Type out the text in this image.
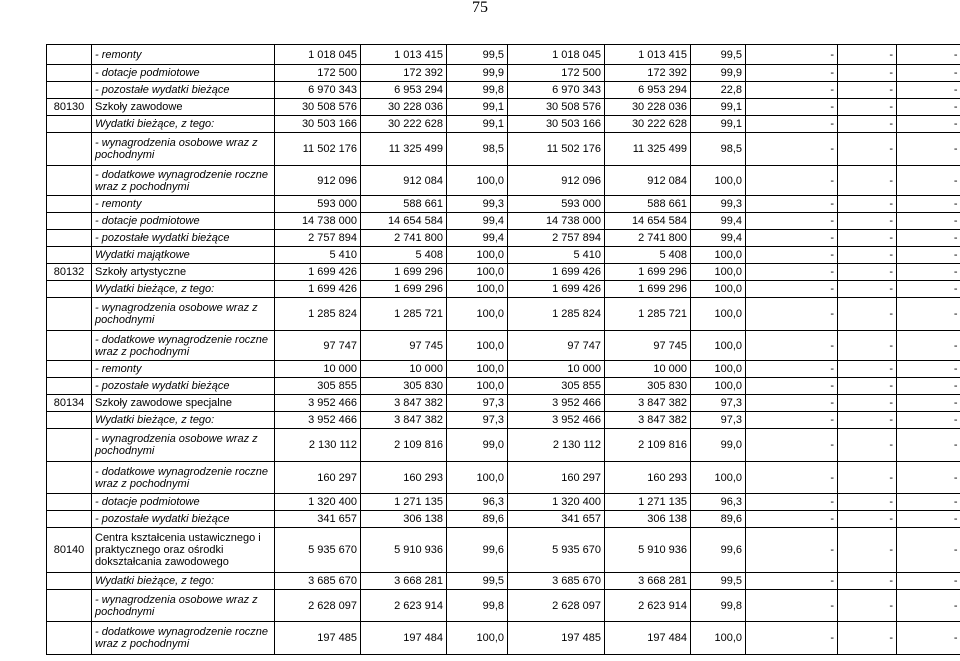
75
	- remonty	1 018 045	1 013 415	99,5	1 018 045	1 013 415	99,5	-	-	-
	- dotacje podmiotowe	172 500	172 392	99,9	172 500	172 392	99,9	-	-	-
	- pozostałe wydatki bieżące	6 970 343	6 953 294	99,8	6 970 343	6 953 294	22,8	-	-	-
80130	Szkoły zawodowe	30 508 576	30 228 036	99,1	30 508 576	30 228 036	99,1	-	-	-
	Wydatki bieżące, z tego:	30 503 166	30 222 628	99,1	30 503 166	30 222 628	99,1	-	-	-
	- wynagrodzenia osobowe wraz z pochodnymi	11 502 176	11 325 499	98,5	11 502 176	11 325 499	98,5	-	-	-
	- dodatkowe wynagrodzenie roczne wraz z pochodnymi	912 096	912 084	100,0	912 096	912 084	100,0	-	-	-
	- remonty	593 000	588 661	99,3	593 000	588 661	99,3	-	-	-
	- dotacje podmiotowe	14 738 000	14 654 584	99,4	14 738 000	14 654 584	99,4	-	-	-
	- pozostałe wydatki bieżące	2 757 894	2 741 800	99,4	2 757 894	2 741 800	99,4	-	-	-
	Wydatki majątkowe	5 410	5 408	100,0	5 410	5 408	100,0	-	-	-
80132	Szkoły artystyczne	1 699 426	1 699 296	100,0	1 699 426	1 699 296	100,0	-	-	-
	Wydatki bieżące, z tego:	1 699 426	1 699 296	100,0	1 699 426	1 699 296	100,0	-	-	-
	- wynagrodzenia osobowe wraz z pochodnymi	1 285 824	1 285 721	100,0	1 285 824	1 285 721	100,0	-	-	-
	- dodatkowe wynagrodzenie roczne wraz z pochodnymi	97 747	97 745	100,0	97 747	97 745	100,0	-	-	-
	- remonty	10 000	10 000	100,0	10 000	10 000	100,0	-	-	-
	- pozostałe wydatki bieżące	305 855	305 830	100,0	305 855	305 830	100,0	-	-	-
80134	Szkoły zawodowe specjalne	3 952 466	3 847 382	97,3	3 952 466	3 847 382	97,3	-	-	-
	Wydatki bieżące, z tego:	3 952 466	3 847 382	97,3	3 952 466	3 847 382	97,3	-	-	-
	- wynagrodzenia osobowe wraz z pochodnymi	2 130 112	2 109 816	99,0	2 130 112	2 109 816	99,0	-	-	-
	- dodatkowe wynagrodzenie roczne wraz z pochodnymi	160 297	160 293	100,0	160 297	160 293	100,0	-	-	-
	- dotacje podmiotowe	1 320 400	1 271 135	96,3	1 320 400	1 271 135	96,3	-	-	-
	- pozostałe wydatki bieżące	341 657	306 138	89,6	341 657	306 138	89,6	-	-	-
80140	Centra kształcenia ustawicznego i praktycznego oraz ośrodki dokształcania zawodowego	5 935 670	5 910 936	99,6	5 935 670	5 910 936	99,6	-	-	-
	Wydatki bieżące, z tego:	3 685 670	3 668 281	99,5	3 685 670	3 668 281	99,5	-	-	-
	- wynagrodzenia osobowe wraz z pochodnymi	2 628 097	2 623 914	99,8	2 628 097	2 623 914	99,8	-	-	-
	- dodatkowe wynagrodzenie roczne wraz z pochodnymi	197 485	197 484	100,0	197 485	197 484	100,0	-	-	-
